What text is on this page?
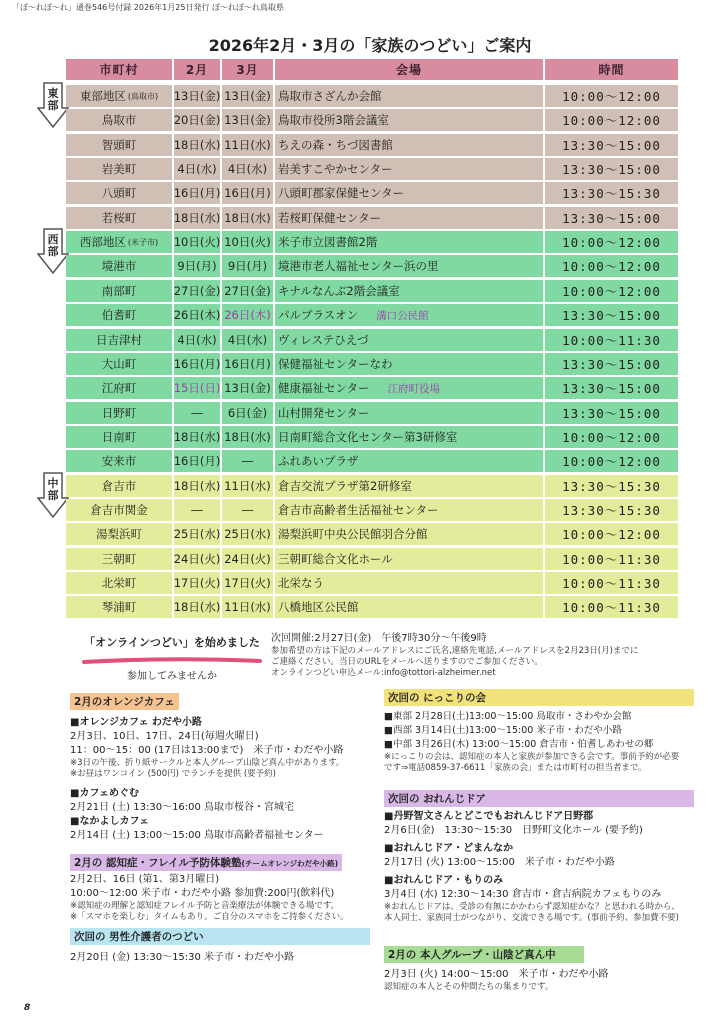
「ぽ～れぽ～れ」通巻546号付録 2026年1月25日発行 ぽ～れぽ～れ鳥取県
2026年2月・3月の「家族のつどい」ご案内
市町村	2月	3月	会場	時間
東
部
東部地区 (鳥取市) 13日(金) 13日(金) 鳥取市さざんか会館	10:00～12:00
鳥取市	20日(金) 13日(金) 鳥取市役所3階会議室	10:00～12:00
智頭町	18日(水) 11日(水) ちえの森・ちづ図書館	13:30～15:00
岩美町	4日(水) 4日(水) 岩美すこやかセンター	13:30～15:00
八頭町	16日(月) 16日(月) 八頭町郡家保健センター	13:30～15:30
若桜町	18日(水) 18日(水) 若桜町保健センター	13:30～15:00
西
部
西部地区 (米子市) 10日(火) 10日(火) 米子市立図書館2階	10:00～12:00
境港市	9日(月) 9日(月) 境港市老人福祉センター浜の里	10:00～12:00
南部町	27日(金) 27日(金) キナルなんぶ2階会議室	10:00～12:00
伯耆町	26日(木) 26日(木) パルプラスオン 溝口公民館	13:30～15:00
日吉津村	4日(水) 4日(水) ヴィレステひえづ	10:00～11:30
大山町	16日(月) 16日(月) 保健福祉センターなわ	13:30～15:00
江府町	15日(日) 13日(金) 健康福祉センター 江府町役場	13:30～15:00
日野町	― 6日(金) 山村開発センター	13:30～15:00
日南町	18日(水) 18日(水) 日南町総合文化センター第3研修室	10:00～12:00
安来市	16日(月) ― ふれあいプラザ	10:00～12:00
中
部
倉吉市	18日(水) 11日(水) 倉吉交流プラザ第2研修室	13:30～15:30
倉吉市関金	―	― 倉吉市高齢者生活福祉センター	13:30～15:30
湯梨浜町	25日(水) 25日(水) 湯梨浜町中央公民館羽合分館	10:00～12:00
三朝町	24日(火) 24日(火) 三朝町総合文化ホール	10:00～11:30
北栄町	17日(火) 17日(火) 北栄なう	10:00～11:30
琴浦町	18日(水) 11日(水) 八橋地区公民館	10:00～11:30
「オンラインつどい」を始めました
参加してみませんか
次回開催:2月27日(金)　午後7時30分～午後9時
参加希望の方は下記のメールアドレスにご氏名,連絡先電話,メールアドレスを2月23日(月)までに
ご連絡ください。当日のURLをメールへ送りますのでご参加ください。
オンラインつどい申込メール:info@tottori-alzheimer.net
2月のオレンジカフェ
■オレンジカフェ わだや小路
2月3日、10日、17日、24日(毎週火曜日)
11：00～15：00 (17日は13:00まで)　米子市・わだや小路
※3日の午後、折り紙サークルと本人グループ山陰ど真ん中があります。
※お昼はワンコイン (500円) でランチを提供 (要予約)
■カフェめぐむ
2月21日 (土) 13:30～16:00 鳥取市桜谷・宮城宅
■なかよしカフェ
2月14日 (土) 13:00～15:00 鳥取市高齢者福祉センター
2月の 認知症・フレイル予防体験塾(チームオレンジわだや小路)
2月2日、16日 (第1、第3月曜日)
10:00～12:00 米子市・わだや小路 参加費:200円(飲料代)
※認知症の理解と認知症フレイル予防と音楽療法が体験できる場です。
※「スマホを楽しむ」タイムもあり。ご自分のスマホをご持参ください。
次回の 男性介護者のつどい
2月20日 (金) 13:30～15:30 米子市・わだや小路
次回の にっこりの会
■東部 2月28日(土)13:00～15:00 鳥取市・さわやか会館
■西部 3月14日(土)13:00～15:00 米子市・わだや小路
■中部 3月26日(木) 13:00～15:00 倉吉市・伯耆しあわせの郷
※にっこりの会は、認知症の本人と家族が参加できる会です。事前予約が必要
です⇒電話0859-37-6611「家族の会」または市町村の担当者まで。
次回の おれんじドア
■丹野智文さんとどこでもおれんじドア日野郡
2月6日(金)　13:30～15:30　日野町文化ホール (要予約)
■おれんじドア・どまんなか
2月17日 (火) 13:00～15:00　米子市・わだや小路
■おれんじドア・もりのみ
3月4日 (水) 12:30～14:30 倉吉市・倉吉病院カフェもりのみ
※おれんじドアは、受診の有無にかかわらず認知症かな？と思われる時から、
本人同士、家族同士がつながり、交流できる場です。(事前予約、参加費不要)
2月の 本人グループ・山陰ど真ん中
2月3日 (火) 14:00～15:00　米子市・わだや小路
認知症の本人とその仲間たちの集まりです。
8
